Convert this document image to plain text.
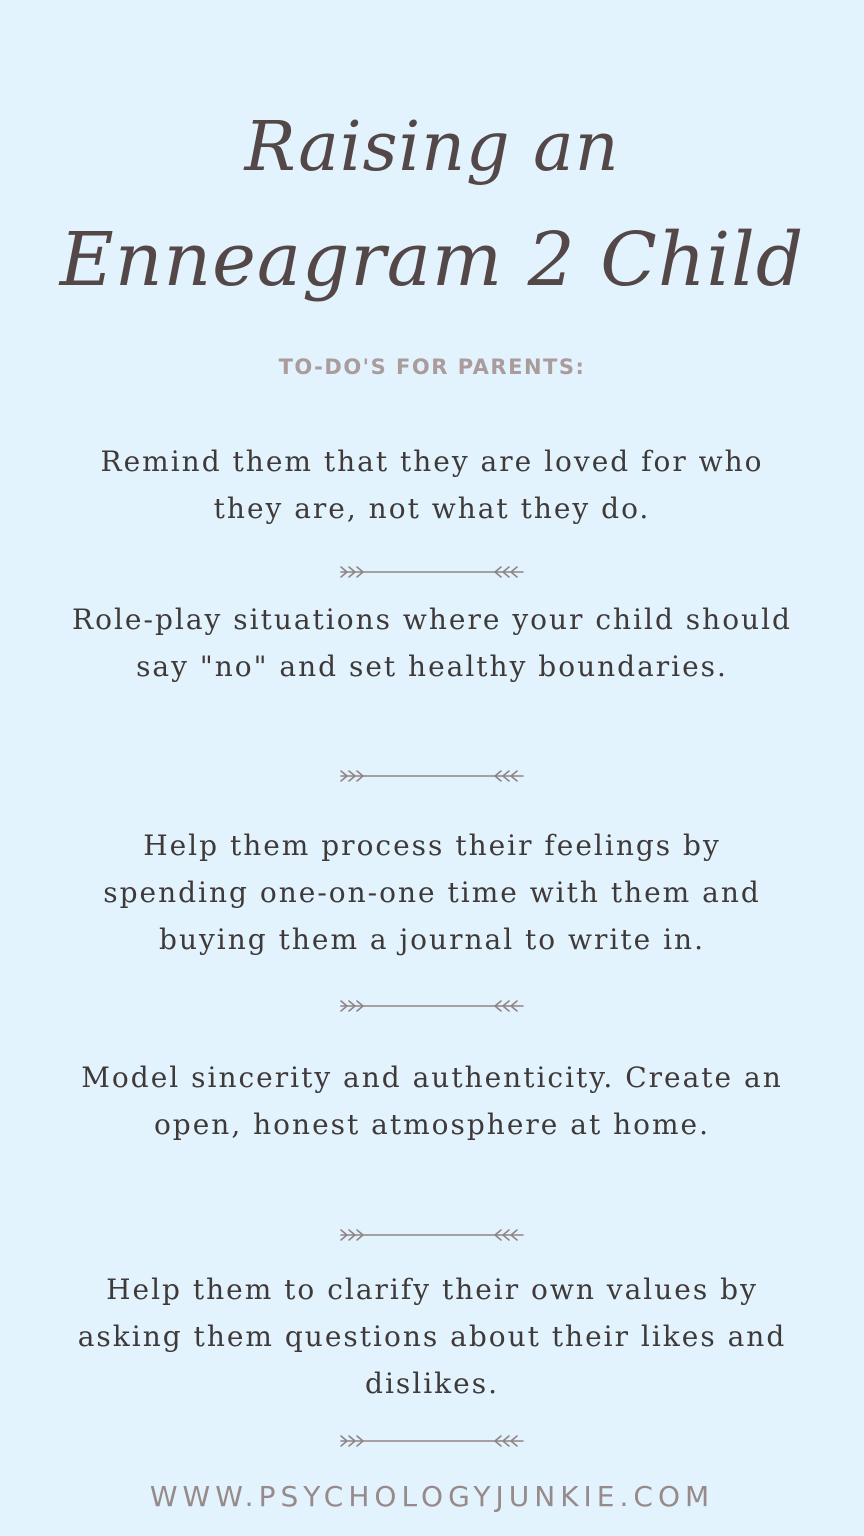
Raising an
Enneagram 2 Child
TO-DO'S FOR PARENTS:

Remind them that they are loved for who they are, not what they do.

Role-play situations where your child should say "no" and set healthy boundaries.

Help them process their feelings by spending one-on-one time with them and buying them a journal to write in.

Model sincerity and authenticity. Create an open, honest atmosphere at home.

Help them to clarify their own values by asking them questions about their likes and dislikes.

WWW.PSYCHOLOGYJUNKIE.COM
